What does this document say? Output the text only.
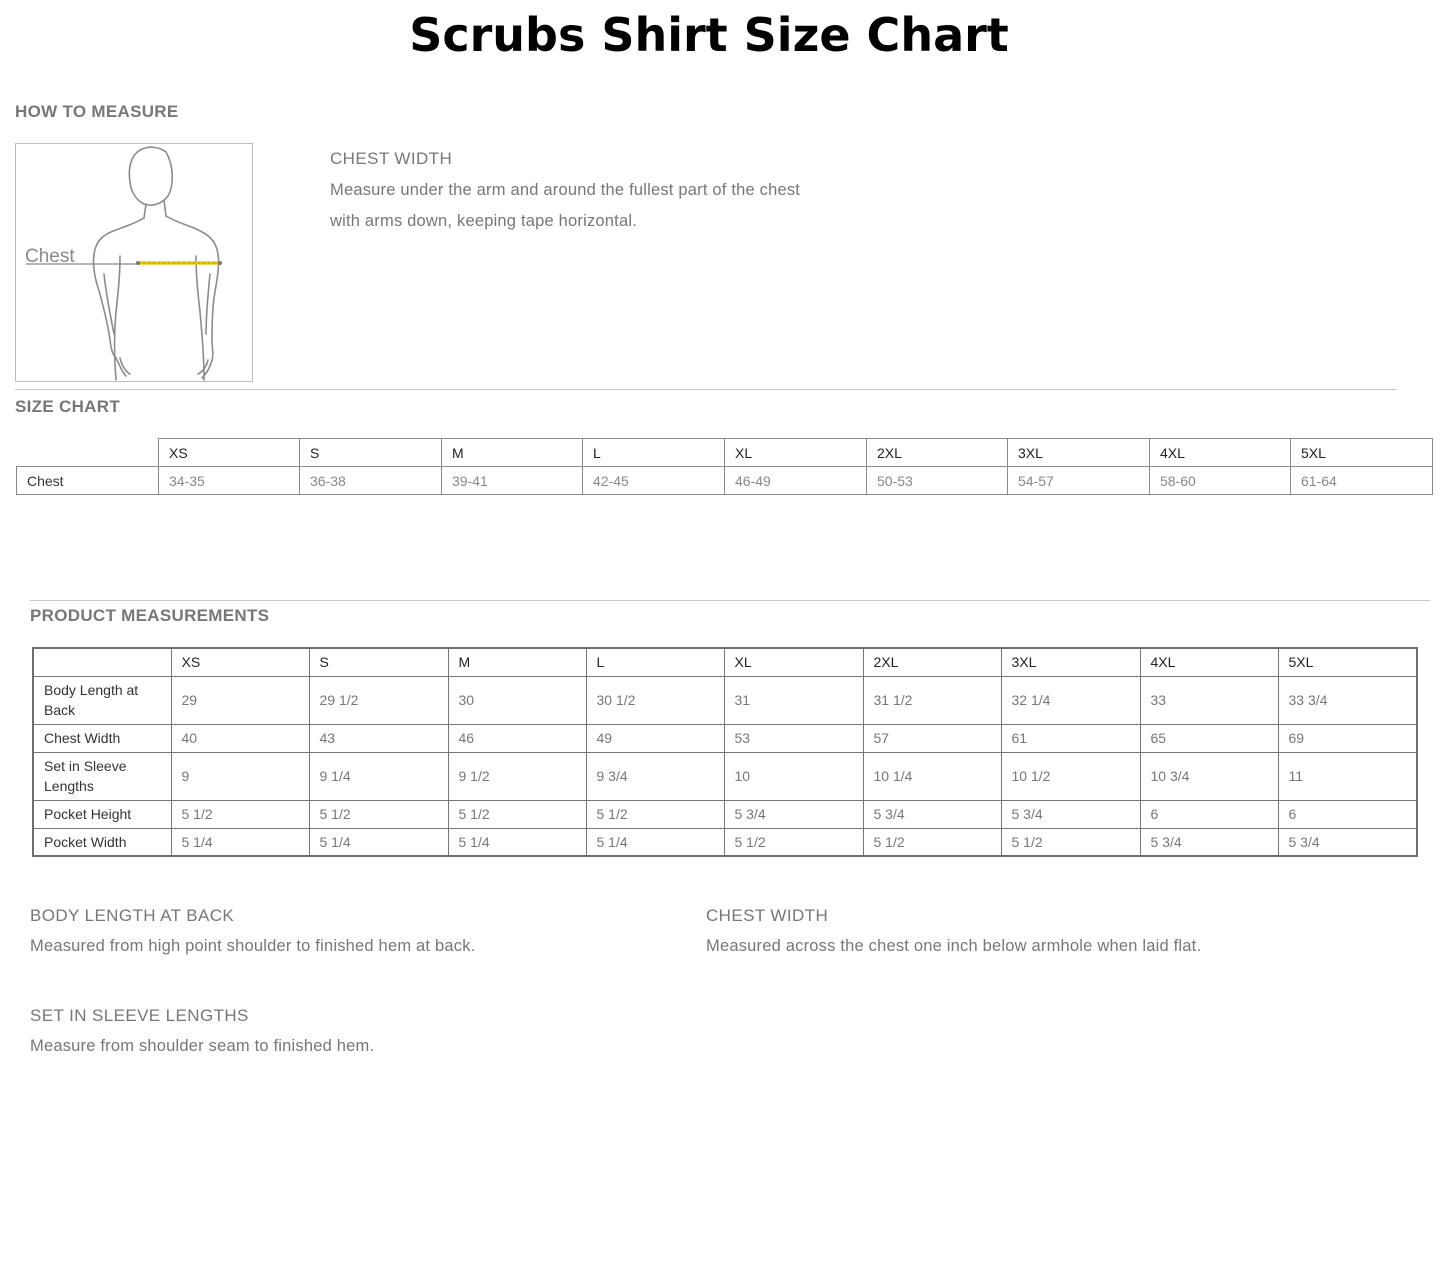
Scrubs Shirt Size Chart
HOW TO MEASURE
Chest
CHEST WIDTH
Measure under the arm and around the fullest part of the chest
with arms down, keeping tape horizontal.
SIZE CHART
	XS	S	M	L	XL	2XL	3XL	4XL	5XL
Chest	34-35	36-38	39-41	42-45	46-49	50-53	54-57	58-60	61-64
PRODUCT MEASUREMENTS
	XS	S	M	L	XL	2XL	3XL	4XL	5XL
Body Length at Back	29	29 1/2	30	30 1/2	31	31 1/2	32 1/4	33	33 3/4
Chest Width	40	43	46	49	53	57	61	65	69
Set in Sleeve Lengths	9	9 1/4	9 1/2	9 3/4	10	10 1/4	10 1/2	10 3/4	11
Pocket Height	5 1/2	5 1/2	5 1/2	5 1/2	5 3/4	5 3/4	5 3/4	6	6
Pocket Width	5 1/4	5 1/4	5 1/4	5 1/4	5 1/2	5 1/2	5 1/2	5 3/4	5 3/4
BODY LENGTH AT BACK
Measured from high point shoulder to finished hem at back.
CHEST WIDTH
Measured across the chest one inch below armhole when laid flat.
SET IN SLEEVE LENGTHS
Measure from shoulder seam to finished hem.
